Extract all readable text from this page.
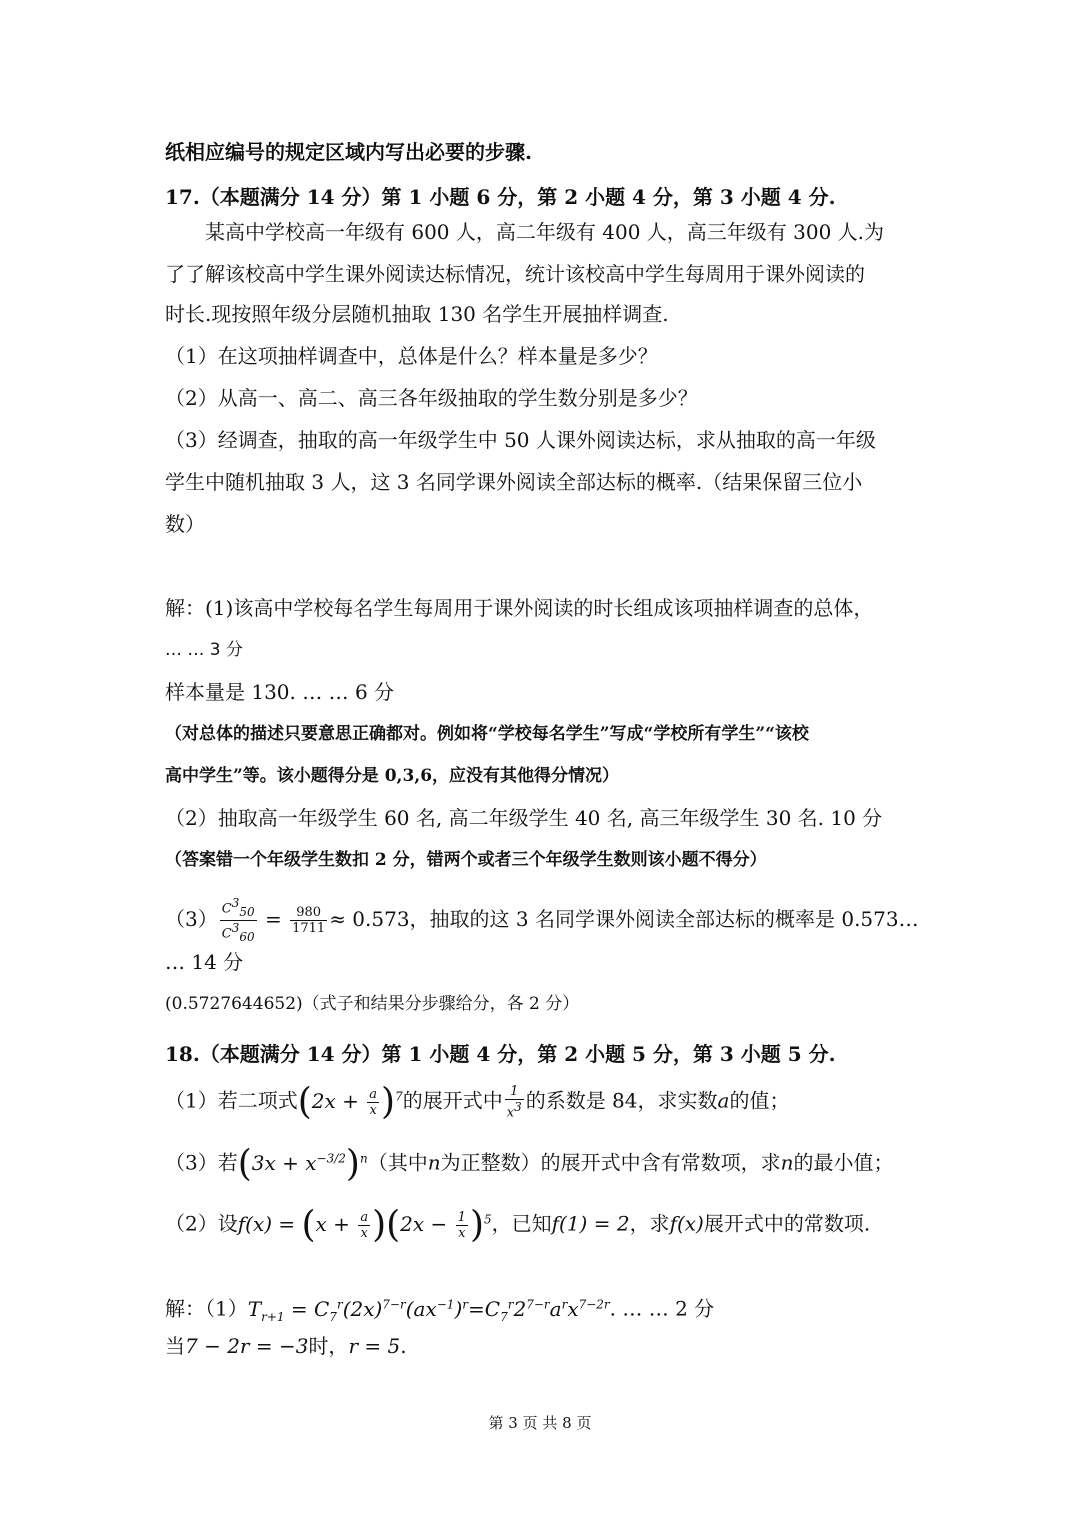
纸相应编号的规定区域内写出必要的步骤.
17.（本题满分 14 分）第 1 小题 6 分，第 2 小题 4 分，第 3 小题 4 分.
某高中学校高一年级有 600 人，高二年级有 400 人，高三年级有 300 人.为
了了解该校高中学生课外阅读达标情况，统计该校高中学生每周用于课外阅读的
时长.现按照年级分层随机抽取 130 名学生开展抽样调查.
（1）在这项抽样调查中，总体是什么？样本量是多少？
（2）从高一、高二、高三各年级抽取的学生数分别是多少？
（3）经调查，抽取的高一年级学生中 50 人课外阅读达标，求从抽取的高一年级
学生中随机抽取 3 人，这 3 名同学课外阅读全部达标的概率.（结果保留三位小
数）
解：(1)该高中学校每名学生每周用于课外阅读的时长组成该项抽样调查的总体，
… … 3 分
样本量是 130. … … 6 分
（对总体的描述只要意思正确都对。例如将“学校每名学生”写成“学校所有学生”“该校
高中学生”等。该小题得分是 0,3,6，应没有其他得分情况）
（2）抽取高一年级学生 60 名, 高二年级学生 40 名, 高三年级学生 30 名. 10 分
（答案错一个年级学生数扣 2 分，错两个或者三个年级学生数则该小题不得分）
$(3) \frac{C^3_{50}}{C^3_{60}} = \frac{980}{1711} \approx 0.573$，抽取的这 3 名同学课外阅读全部达标的概率是 0.573…
… 14 分
(0.5727644652)（式子和结果分步骤给分，各 2 分）
18.（本题满分 14 分）第 1 小题 4 分，第 2 小题 5 分，第 3 小题 5 分.
（1）若二项式$(2x + \frac{a}{x} )^7$的展开式中 $\frac{1}{x^3}$ 的系数是 84，求实数a的值；
（3）若$(3x + x^{-3/2})^n$（其中n为正整数）的展开式中含有常数项，求n的最小值；
（2）设$f(x) = (x + \frac{a}{x} )(2x - \frac{1}{x} )^5$，已知f(1) = 2，求f(x)展开式中的常数项.
解：$(1)T_{r+1} = C_7^r(2x)^{7-r}(ax^{-1})^r=C_7^r2^{7-r}a^rx^{7-2r}$. … … 2 分
当7 − 2r = −3时，r = 5.
第 3 页 共 8 页
